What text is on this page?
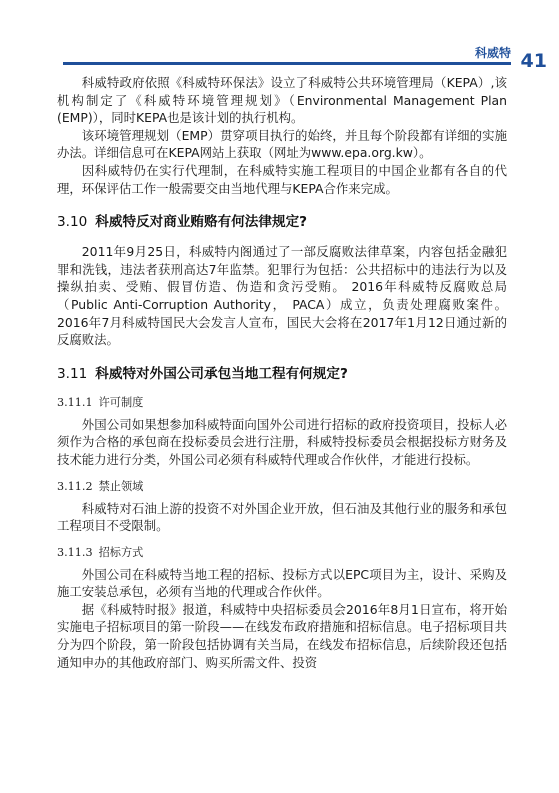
科威特 41

科威特政府依照《科威特环保法》设立了科威特公共环境管理局（KEPA）,该机构制定了《科威特环境管理规划》（Environmental Management Plan (EMP)），同时KEPA也是该计划的执行机构。

该环境管理规划（EMP）贯穿项目执行的始终，并且每个阶段都有详细的实施办法。详细信息可在KEPA网站上获取（网址为www.epa.org.kw）。

因科威特仍在实行代理制，在科威特实施工程项目的中国企业都有各自的代理，环保评估工作一般需要交由当地代理与KEPA合作来完成。

3.10 科威特反对商业贿赂有何法律规定?

2011年9月25日，科威特内阁通过了一部反腐败法律草案，内容包括金融犯罪和洗钱，违法者获刑高达7年监禁。犯罪行为包括：公共招标中的违法行为以及操纵拍卖、受贿、假冒仿造、伪造和贪污受贿。 2016年科威特反腐败总局（Public Anti-Corruption Authority， PACA）成立，负责处理腐败案件。2016年7月科威特国民大会发言人宣布，国民大会将在2017年1月12日通过新的反腐败法。

3.11 科威特对外国公司承包当地工程有何规定?
3.11.1 许可制度

外国公司如果想参加科威特面向国外公司进行招标的政府投资项目，投标人必须作为合格的承包商在投标委员会进行注册，科威特投标委员会根据投标方财务及技术能力进行分类，外国公司必须有科威特代理或合作伙伴，才能进行投标。

3.11.2 禁止领域

科威特对石油上游的投资不对外国企业开放，但石油及其他行业的服务和承包工程项目不受限制。

3.11.3 招标方式

外国公司在科威特当地工程的招标、投标方式以EPC项目为主，设计、采购及施工安装总承包，必须有当地的代理或合作伙伴。

据《科威特时报》报道，科威特中央招标委员会2016年8月1日宣布，将开始实施电子招标项目的第一阶段——在线发布政府措施和招标信息。电子招标项目共分为四个阶段，第一阶段包括协调有关当局，在线发布招标信息，后续阶段还包括通知申办的其他政府部门、购买所需文件、投资
